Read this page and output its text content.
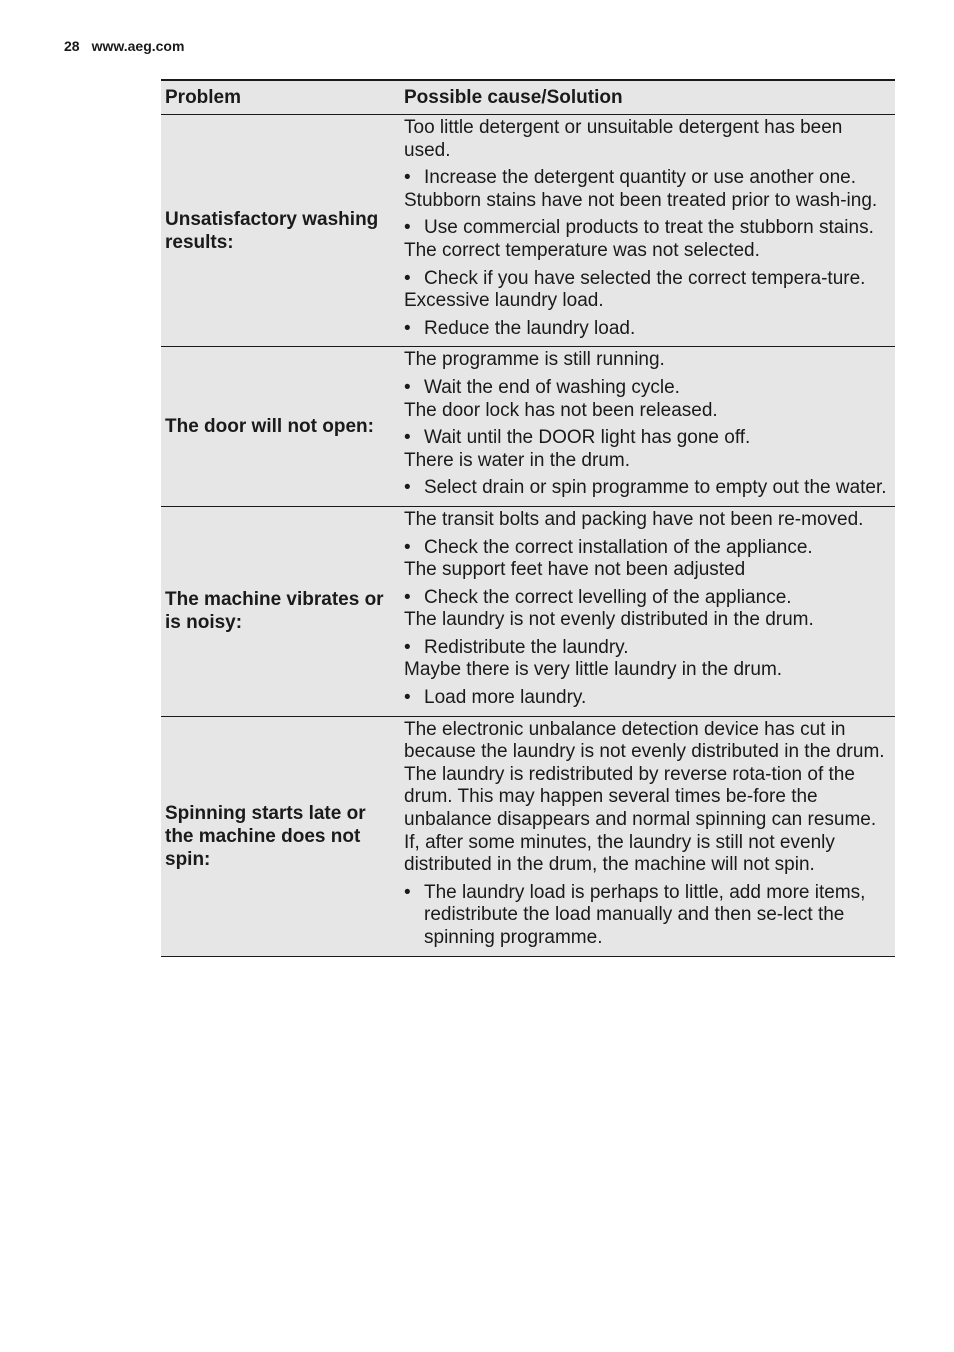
28 www.aeg.com
Problem	Possible cause/Solution
Unsatisfactory washing results:

Too little detergent or unsuitable detergent has been used.

• Increase the detergent quantity or use another one.

Stubborn stains have not been treated prior to wash-ing.

• Use commercial products to treat the stubborn stains.

The correct temperature was not selected.

• Check if you have selected the correct tempera-ture.

Excessive laundry load.

• Reduce the laundry load.
The door will not open:

The programme is still running.

• Wait the end of washing cycle.

The door lock has not been released.

• Wait until the DOOR light has gone off.

There is water in the drum.

• Select drain or spin programme to empty out the water.
The machine vibrates or is noisy:

The transit bolts and packing have not been re-moved.

• Check the correct installation of the appliance.

The support feet have not been adjusted

• Check the correct levelling of the appliance.

The laundry is not evenly distributed in the drum.

• Redistribute the laundry.

Maybe there is very little laundry in the drum.

• Load more laundry.
Spinning starts late or the machine does not spin:

The electronic unbalance detection device has cut in because the laundry is not evenly distributed in the drum. The laundry is redistributed by reverse rota-tion of the drum. This may happen several times be-fore the unbalance disappears and normal spinning can resume. If, after some minutes, the laundry is still not evenly distributed in the drum, the machine will not spin.

• The laundry load is perhaps to little, add more items, redistribute the load manually and then se-lect the spinning programme.
